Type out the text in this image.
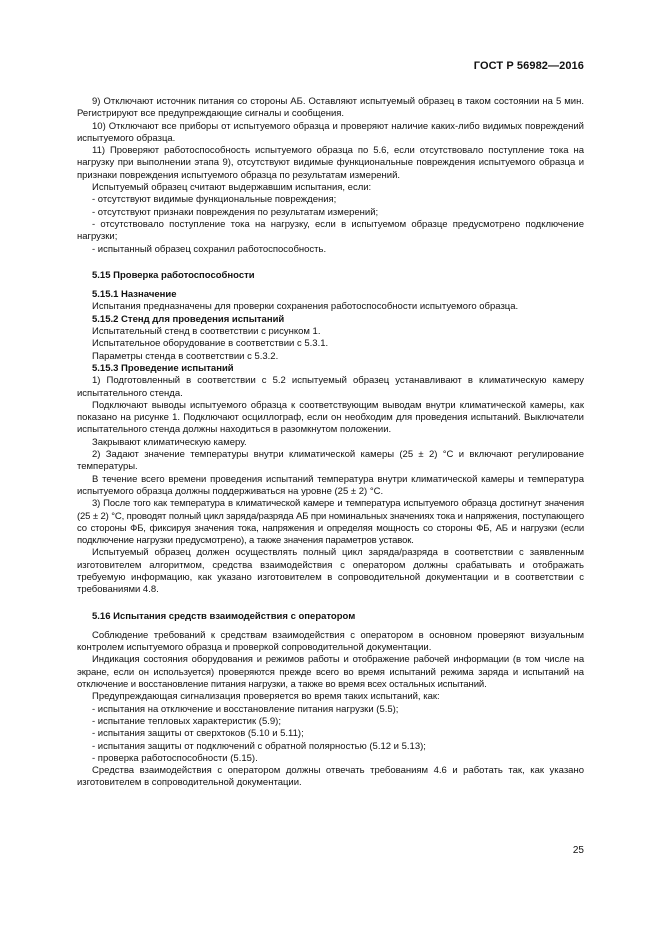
ГОСТ Р 56982—2016

9) Отключают источник питания со стороны АБ. Оставляют испытуемый образец в таком состоянии на 5 мин. Регистрируют все предупреждающие сигналы и сообщения.

10) Отключают все приборы от испытуемого образца и проверяют наличие каких-либо видимых повреждений испытуемого образца.

11) Проверяют работоспособность испытуемого образца по 5.6, если отсутствовало поступление тока на нагрузку при выполнении этапа 9), отсутствуют видимые функциональные повреждения испытуемого образца и признаки повреждения испытуемого образца по результатам измерений.

Испытуемый образец считают выдержавшим испытания, если:

- отсутствуют видимые функциональные повреждения;

- отсутствуют признаки повреждения по результатам измерений;

- отсутствовало поступление тока на нагрузку, если в испытуемом образце предусмотрено подключение нагрузки;

- испытанный образец сохранил работоспособность.

5.15 Проверка работоспособности

5.15.1 Назначение

Испытания предназначены для проверки сохранения работоспособности испытуемого образца.

5.15.2 Стенд для проведения испытаний

Испытательный стенд в соответствии с рисунком 1.

Испытательное оборудование в соответствии с 5.3.1.

Параметры стенда в соответствии с 5.3.2.

5.15.3 Проведение испытаний

1) Подготовленный в соответствии с 5.2 испытуемый образец устанавливают в климатическую камеру испытательного стенда.

Подключают выводы испытуемого образца к соответствующим выводам внутри климатической камеры, как показано на рисунке 1. Подключают осциллограф, если он необходим для проведения испытаний. Выключатели испытательного стенда должны находиться в разомкнутом положении.

Закрывают климатическую камеру.

2) Задают значение температуры внутри климатической камеры (25 ± 2) °С и включают регулирование температуры.

В течение всего времени проведения испытаний температура внутри климатической камеры и температура испытуемого образца должны поддерживаться на уровне (25 ± 2) °С.

3) После того как температура в климатической камере и температура испытуемого образца достигнут значения (25 ± 2) °С, проводят полный цикл заряда/разряда АБ при номинальных значениях тока и напряжения, поступающего со стороны ФБ, фиксируя значения тока, напряжения и определяя мощность со стороны ФБ, АБ и нагрузки (если подключение нагрузки предусмотрено), а также значения параметров уставок.

Испытуемый образец должен осуществлять полный цикл заряда/разряда в соответствии с заявленным изготовителем алгоритмом, средства взаимодействия с оператором должны срабатывать и отображать требуемую информацию, как указано изготовителем в сопроводительной документации и в соответствии с требованиями 4.8.

5.16 Испытания средств взаимодействия с оператором

Соблюдение требований к средствам взаимодействия с оператором в основном проверяют визуальным контролем испытуемого образца и проверкой сопроводительной документации.

Индикация состояния оборудования и режимов работы и отображение рабочей информации (в том числе на экране, если он используется) проверяются прежде всего во время испытаний режима заряда и испытаний на отключение и восстановление питания нагрузки, а также во время всех остальных испытаний.

Предупреждающая сигнализация проверяется во время таких испытаний, как:

- испытания на отключение и восстановление питания нагрузки (5.5);

- испытание тепловых характеристик (5.9);

- испытания защиты от сверхтоков (5.10 и 5.11);

- испытания защиты от подключений с обратной полярностью (5.12 и 5.13);

- проверка работоспособности (5.15).

Средства взаимодействия с оператором должны отвечать требованиям 4.6 и работать так, как указано изготовителем в сопроводительной документации.

25
